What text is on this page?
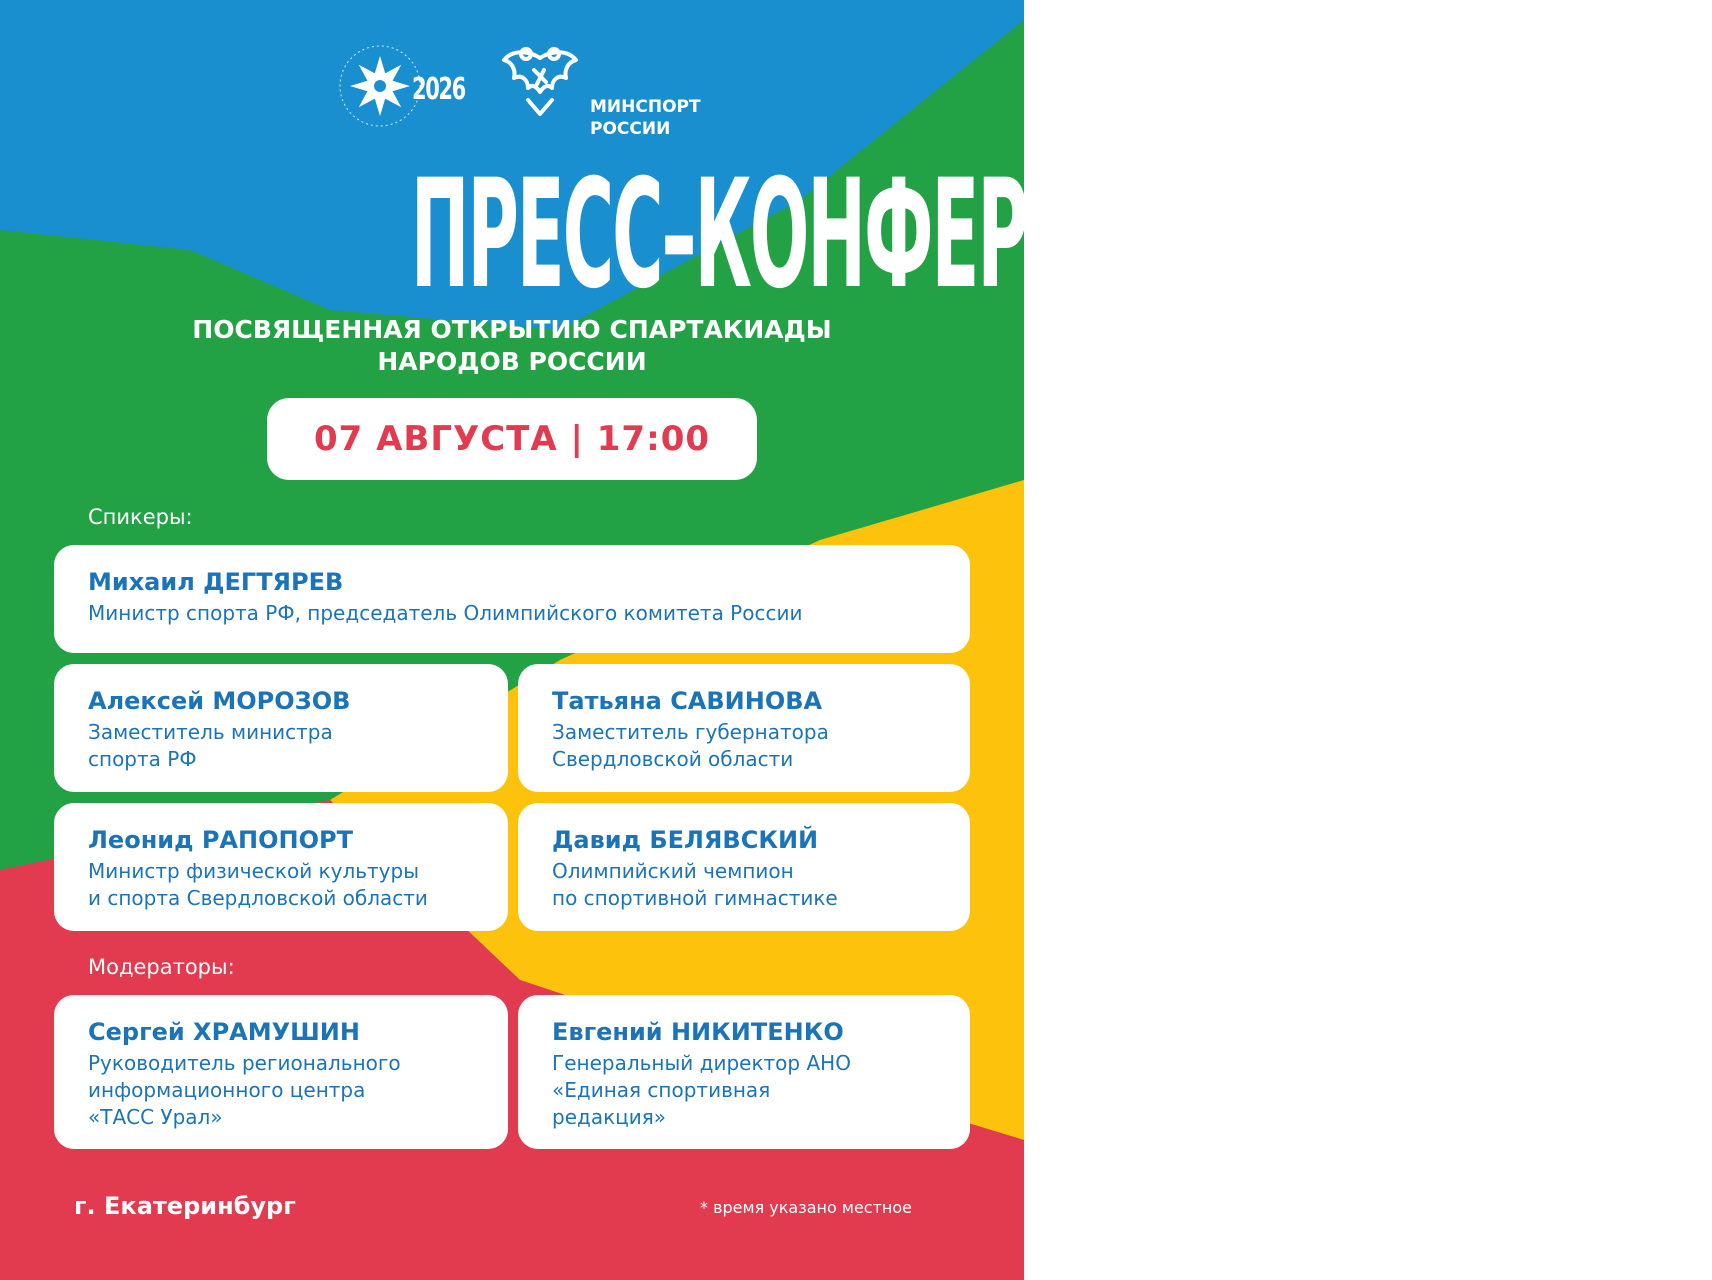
2026	МИНСПОРТ
РОССИИ
ПРЕСС–КОНФЕРЕНЦИЯ
ПОСВЯЩЕННАЯ ОТКРЫТИЮ СПАРТАКИАДЫ
НАРОДОВ РОССИИ
07 АВГУСТА | 17:00
Спикеры:
Михаил ДЕГТЯРЕВ
Министр спорта РФ, председатель Олимпийского комитета России
Алексей МОРОЗОВ
Заместитель министра
спорта РФ
Татьяна САВИНОВА
Заместитель губернатора
Свердловской области
Леонид РАПОПОРТ
Министр физической культуры
и спорта Свердловской области
Давид БЕЛЯВСКИЙ
Олимпийский чемпион
по спортивной гимнастике
Модераторы:
Сергей ХРАМУШИН
Руководитель регионального
информационного центра
«ТАСС Урал»
Евгений НИКИТЕНКО
Генеральный директор АНО
«Единая спортивная
редакция»
г. Екатеринбург	* время указано местное
